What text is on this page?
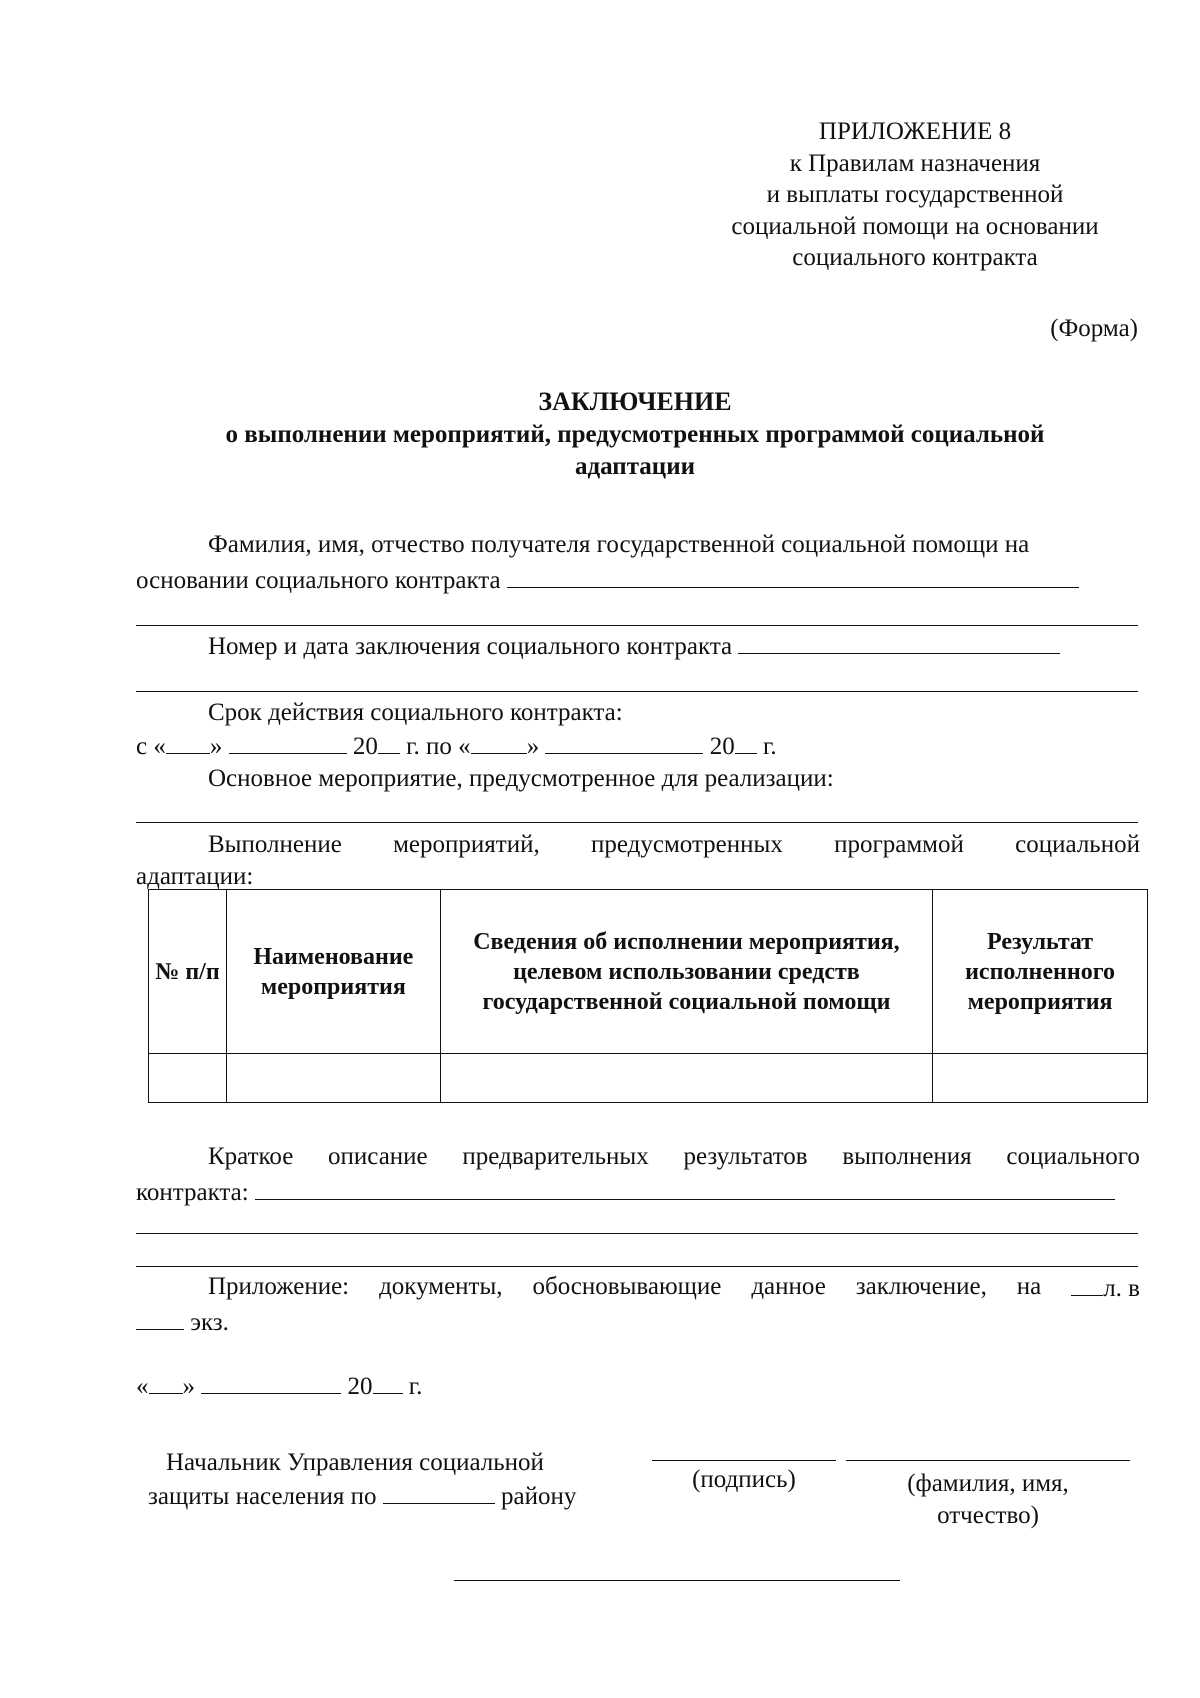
ПРИЛОЖЕНИЕ 8
к Правилам назначения
и выплаты государственной
социальной помощи на основании
социального контракта
(Форма)
ЗАКЛЮЧЕНИЕ
о выполнении мероприятий, предусмотренных программой социальной
адаптации
Фамилия, имя, отчество получателя государственной социальной помощи на
основании социального контракта
Номер и дата заключения социального контракта
Срок действия социального контракта:
с « »	20 г. по « »	20 г.
Основное мероприятие, предусмотренное для реализации:
Выполнение мероприятий, предусмотренных программой социальной
адаптации:
№ п/п	Наименование мероприятия	Сведения об исполнении мероприятия, целевом использовании средств государственной социальной помощи	Результат исполненного мероприятия

Краткое описание предварительных результатов выполнения социального
контракта:
Приложение: документы, обосновывающие данное заключение, на	л. в
экз.
« »	20 г.
Начальник Управления социальной
защиты населения по	району
(подпись)	(фамилия, имя,
отчество)
